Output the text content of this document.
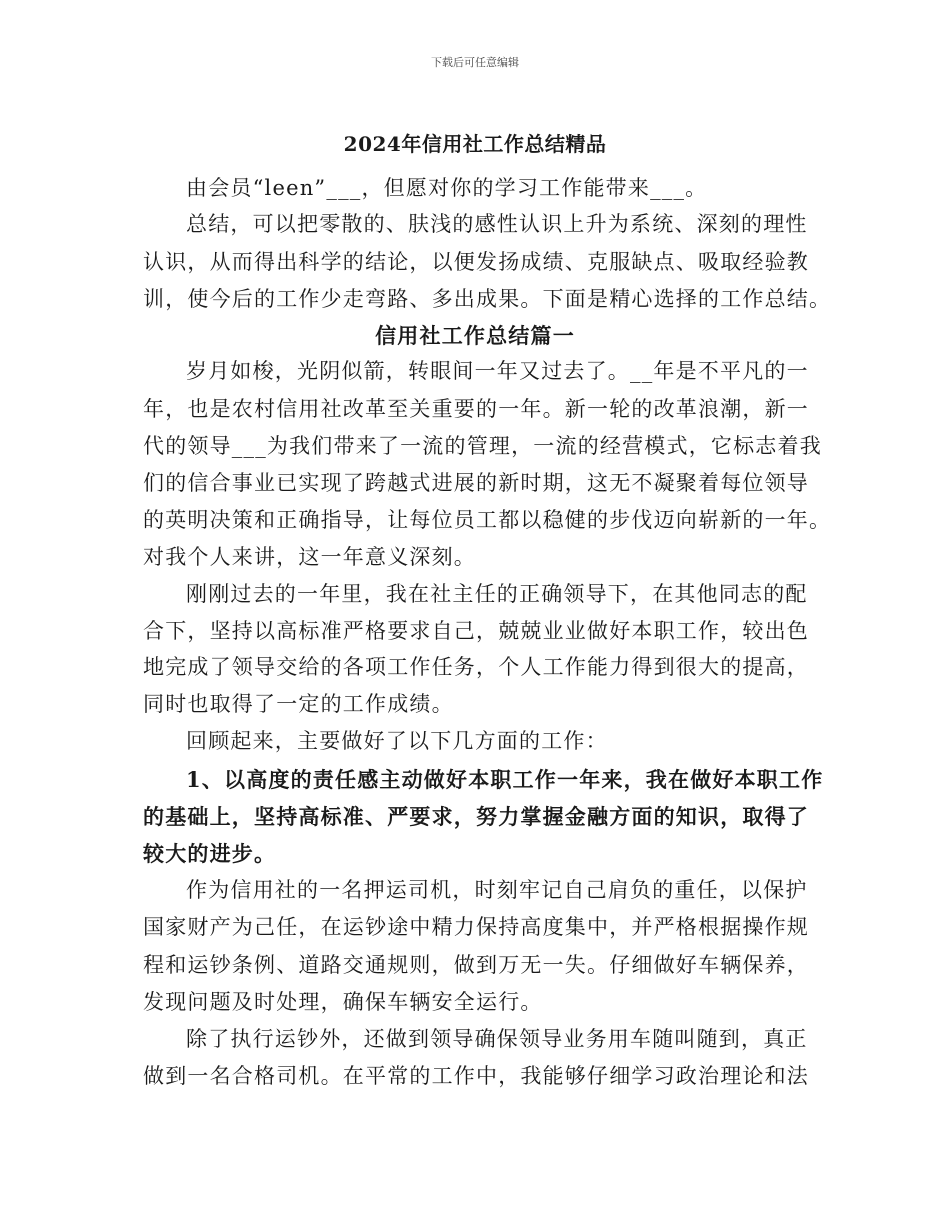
下载后可任意编辑
2024年信用社工作总结精品
由会员“leen”___，但愿对你的学习工作能带来___。
总结，可以把零散的、肤浅的感性认识上升为系统、深刻的理性
认识，从而得出科学的结论，以便发扬成绩、克服缺点、吸取经验教
训，使今后的工作少走弯路、多出成果。下面是精心选择的工作总结。
信用社工作总结篇一
岁月如梭，光阴似箭，转眼间一年又过去了。__年是不平凡的一
年，也是农村信用社改革至关重要的一年。新一轮的改革浪潮，新一
代的领导___为我们带来了一流的管理，一流的经营模式，它标志着我
们的信合事业已实现了跨越式进展的新时期，这无不凝聚着每位领导
的英明决策和正确指导，让每位员工都以稳健的步伐迈向崭新的一年。
对我个人来讲，这一年意义深刻。
刚刚过去的一年里，我在社主任的正确领导下，在其他同志的配
合下，坚持以高标准严格要求自己，兢兢业业做好本职工作，较出色
地完成了领导交给的各项工作任务，个人工作能力得到很大的提高，
同时也取得了一定的工作成绩。
回顾起来，主要做好了以下几方面的工作：
1、以高度的责任感主动做好本职工作一年来，我在做好本职工作
的基础上，坚持高标准、严要求，努力掌握金融方面的知识，取得了
较大的进步。
作为信用社的一名押运司机，时刻牢记自己肩负的重任，以保护
国家财产为己任，在运钞途中精力保持高度集中，并严格根据操作规
程和运钞条例、道路交通规则，做到万无一失。仔细做好车辆保养，
发现问题及时处理，确保车辆安全运行。
除了执行运钞外，还做到领导确保领导业务用车随叫随到，真正
做到一名合格司机。在平常的工作中，我能够仔细学习政治理论和法
